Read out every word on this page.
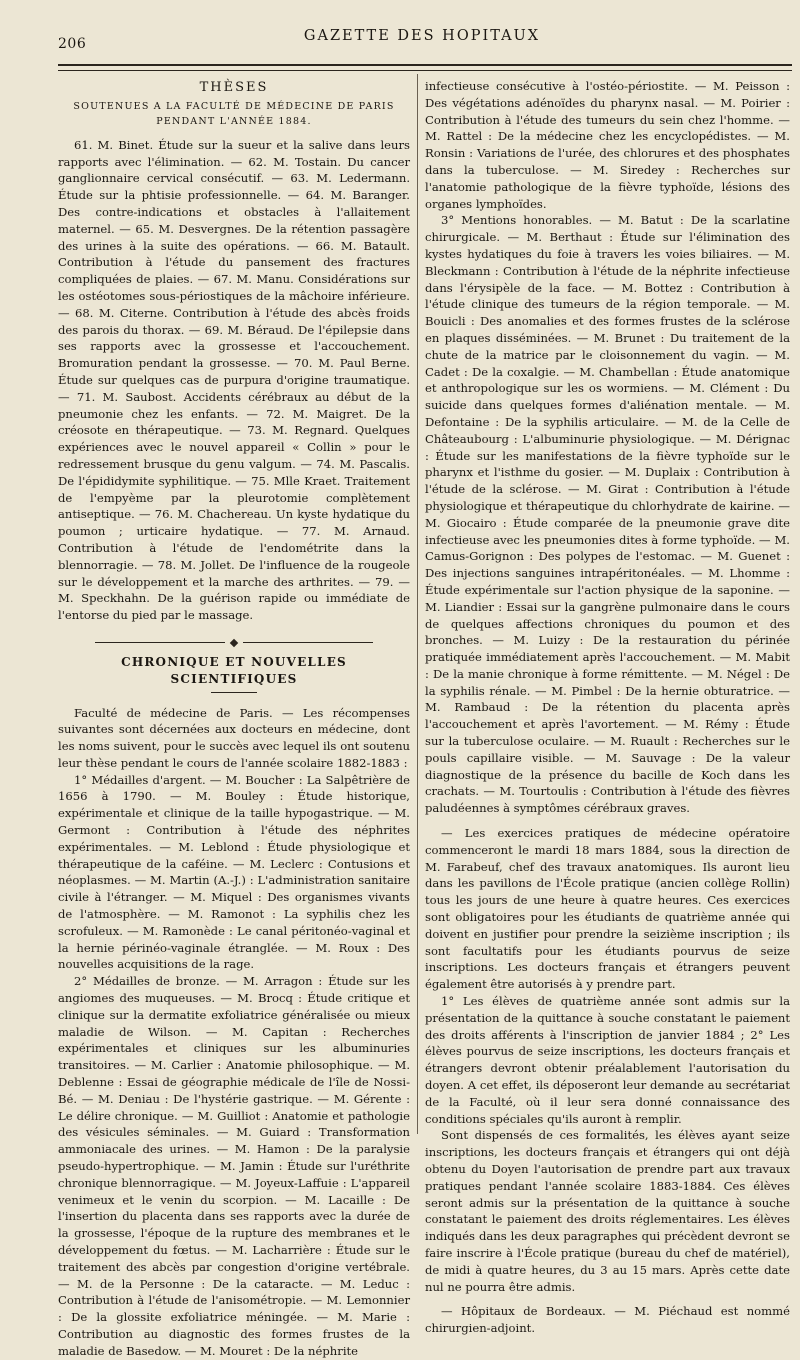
206	GAZETTE DES HOPITAUX
THÈSES
SOUTENUES A LA FACULTÉ DE MÉDECINE DE PARIS
PENDANT L'ANNÉE 1884.

61. M. Binet. Étude sur la sueur et la salive dans leurs rapports avec l'élimination. — 62. M. Tostain. Du cancer ganglionnaire cervical consécutif. — 63. M. Ledermann. Étude sur la phtisie professionnelle. — 64. M. Baranger. Des contre-indications et obstacles à l'allaitement maternel. — 65. M. Desvergnes. De la rétention passagère des urines à la suite des opérations. — 66. M. Batault. Contribution à l'étude du pansement des fractures compliquées de plaies. — 67. M. Manu. Considérations sur les ostéotomes sous-périostiques de la mâchoire inférieure. — 68. M. Citerne. Contribution à l'étude des abcès froids des parois du thorax. — 69. M. Béraud. De l'épilepsie dans ses rapports avec la grossesse et l'accouchement. Bromuration pendant la grossesse. — 70. M. Paul Berne. Étude sur quelques cas de purpura d'origine traumatique. — 71. M. Saubost. Accidents cérébraux au début de la pneumonie chez les enfants. — 72. M. Maigret. De la créosote en thérapeutique. — 73. M. Regnard. Quelques expériences avec le nouvel appareil « Collin » pour le redressement brusque du genu valgum. — 74. M. Pascalis. De l'épididymite syphilitique. — 75. Mlle Kraet. Traitement de l'empyème par la pleurotomie complètement antiseptique. — 76. M. Chachereau. Un kyste hydatique du poumon ; urticaire hydatique. — 77. M. Arnaud. Contribution à l'étude de l'endométrite dans la blennorragie. — 78. M. Jollet. De l'influence de la rougeole sur le développement et la marche des arthrites. — 79. — M. Speckhahn. De la guérison rapide ou immédiate de l'entorse du pied par le massage.

CHRONIQUE ET NOUVELLES SCIENTIFIQUES

Faculté de médecine de Paris. — Les récompenses suivantes sont décernées aux docteurs en médecine, dont les noms suivent, pour le succès avec lequel ils ont soutenu leur thèse pendant le cours de l'année scolaire 1882-1883 :

1° Médailles d'argent. — M. Boucher : La Salpêtrière de 1656 à 1790. — M. Bouley : Étude historique, expérimentale et clinique de la taille hypogastrique. — M. Germont : Contribution à l'étude des néphrites expérimentales. — M. Leblond : Étude physiologique et thérapeutique de la caféine. — M. Leclerc : Contusions et néoplasmes. — M. Martin (A.-J.) : L'administration sanitaire civile à l'étranger. — M. Miquel : Des organismes vivants de l'atmosphère. — M. Ramonot : La syphilis chez les scrofuleux. — M. Ramonède : Le canal péritonéo-vaginal et la hernie périnéo-vaginale étranglée. — M. Roux : Des nouvelles acquisitions de la rage.

2° Médailles de bronze. — M. Arragon : Étude sur les angiomes des muqueuses. — M. Brocq : Étude critique et clinique sur la dermatite exfoliatrice généralisée ou mieux maladie de Wilson. — M. Capitan : Recherches expérimentales et cliniques sur les albuminuries transitoires. — M. Carlier : Anatomie philosophique. — M. Deblenne : Essai de géographie médicale de l'île de Nossi-Bé. — M. Deniau : De l'hystérie gastrique. — M. Gérente : Le délire chronique. — M. Guilliot : Anatomie et pathologie des vésicules séminales. — M. Guiard : Transformation ammoniacale des urines. — M. Hamon : De la paralysie pseudo-hypertrophique. — M. Jamin : Étude sur l'uréthrite chronique blennorragique. — M. Joyeux-Laffuie : L'appareil venimeux et le venin du scorpion. — M. Lacaille : De l'insertion du placenta dans ses rapports avec la durée de la grossesse, l'époque de la rupture des membranes et le développement du fœtus. — M. Lacharrière : Étude sur le traitement des abcès par congestion d'origine vertébrale. — M. de la Personne : De la cataracte. — M. Leduc : Contribution à l'étude de l'anisométropie. — M. Lemonnier : De la glossite exfoliatrice méningée. — M. Marie : Contribution au diagnostic des formes frustes de la maladie de Basedow. — M. Mouret : De la néphrite

infectieuse consécutive à l'ostéo-périostite. — M. Peisson : Des végétations adénoïdes du pharynx nasal. — M. Poirier : Contribution à l'étude des tumeurs du sein chez l'homme. — M. Rattel : De la médecine chez les encyclopédistes. — M. Ronsin : Variations de l'urée, des chlorures et des phosphates dans la tuberculose. — M. Siredey : Recherches sur l'anatomie pathologique de la fièvre typhoïde, lésions des organes lymphoïdes.

3° Mentions honorables. — M. Batut : De la scarlatine chirurgicale. — M. Berthaut : Étude sur l'élimination des kystes hydatiques du foie à travers les voies biliaires. — M. Bleckmann : Contribution à l'étude de la néphrite infectieuse dans l'érysipèle de la face. — M. Bottez : Contribution à l'étude clinique des tumeurs de la région temporale. — M. Bouicli : Des anomalies et des formes frustes de la sclérose en plaques disséminées. — M. Brunet : Du traitement de la chute de la matrice par le cloisonnement du vagin. — M. Cadet : De la coxalgie. — M. Chambellan : Étude anatomique et anthropologique sur les os wormiens. — M. Clément : Du suicide dans quelques formes d'aliénation mentale. — M. Defontaine : De la syphilis articulaire. — M. de la Celle de Châteaubourg : L'albuminurie physiologique. — M. Dérignac : Étude sur les manifestations de la fièvre typhoïde sur le pharynx et l'isthme du gosier. — M. Duplaix : Contribution à l'étude de la sclérose. — M. Girat : Contribution à l'étude physiologique et thérapeutique du chlorhydrate de kairine. — M. Giocairo : Étude comparée de la pneumonie grave dite infectieuse avec les pneumonies dites à forme typhoïde. — M. Camus-Gorignon : Des polypes de l'estomac. — M. Guenet : Des injections sanguines intrapéritonéales. — M. Lhomme : Étude expérimentale sur l'action physique de la saponine. — M. Liandier : Essai sur la gangrène pulmonaire dans le cours de quelques affections chroniques du poumon et des bronches. — M. Luizy : De la restauration du périnée pratiquée immédiatement après l'accouchement. — M. Mabit : De la manie chronique à forme rémittente. — M. Négel : De la syphilis rénale. — M. Pimbel : De la hernie obturatrice. — M. Rambaud : De la rétention du placenta après l'accouchement et après l'avortement. — M. Rémy : Étude sur la tuberculose oculaire. — M. Ruault : Recherches sur le pouls capillaire visible. — M. Sauvage : De la valeur diagnostique de la présence du bacille de Koch dans les crachats. — M. Tourtoulis : Contribution à l'étude des fièvres paludéennes à symptômes cérébraux graves.

— Les exercices pratiques de médecine opératoire commenceront le mardi 18 mars 1884, sous la direction de M. Farabeuf, chef des travaux anatomiques. Ils auront lieu dans les pavillons de l'École pratique (ancien collège Rollin) tous les jours de une heure à quatre heures. Ces exercices sont obligatoires pour les étudiants de quatrième année qui doivent en justifier pour prendre la seizième inscription ; ils sont facultatifs pour les étudiants pourvus de seize inscriptions. Les docteurs français et étrangers peuvent également être autorisés à y prendre part.

1° Les élèves de quatrième année sont admis sur la présentation de la quittance à souche constatant le paiement des droits afférents à l'inscription de janvier 1884 ; 2° Les élèves pourvus de seize inscriptions, les docteurs français et étrangers devront obtenir préalablement l'autorisation du doyen. A cet effet, ils déposeront leur demande au secrétariat de la Faculté, où il leur sera donné connaissance des conditions spéciales qu'ils auront à remplir.

Sont dispensés de ces formalités, les élèves ayant seize inscriptions, les docteurs français et étrangers qui ont déjà obtenu du Doyen l'autorisation de prendre part aux travaux pratiques pendant l'année scolaire 1883-1884. Ces élèves seront admis sur la présentation de la quittance à souche constatant le paiement des droits réglementaires. Les élèves indiqués dans les deux paragraphes qui précèdent devront se faire inscrire à l'École pratique (bureau du chef de matériel), de midi à quatre heures, du 3 au 15 mars. Après cette date nul ne pourra être admis.

— Hôpitaux de Bordeaux. — M. Piéchaud est nommé chirurgien-adjoint.
